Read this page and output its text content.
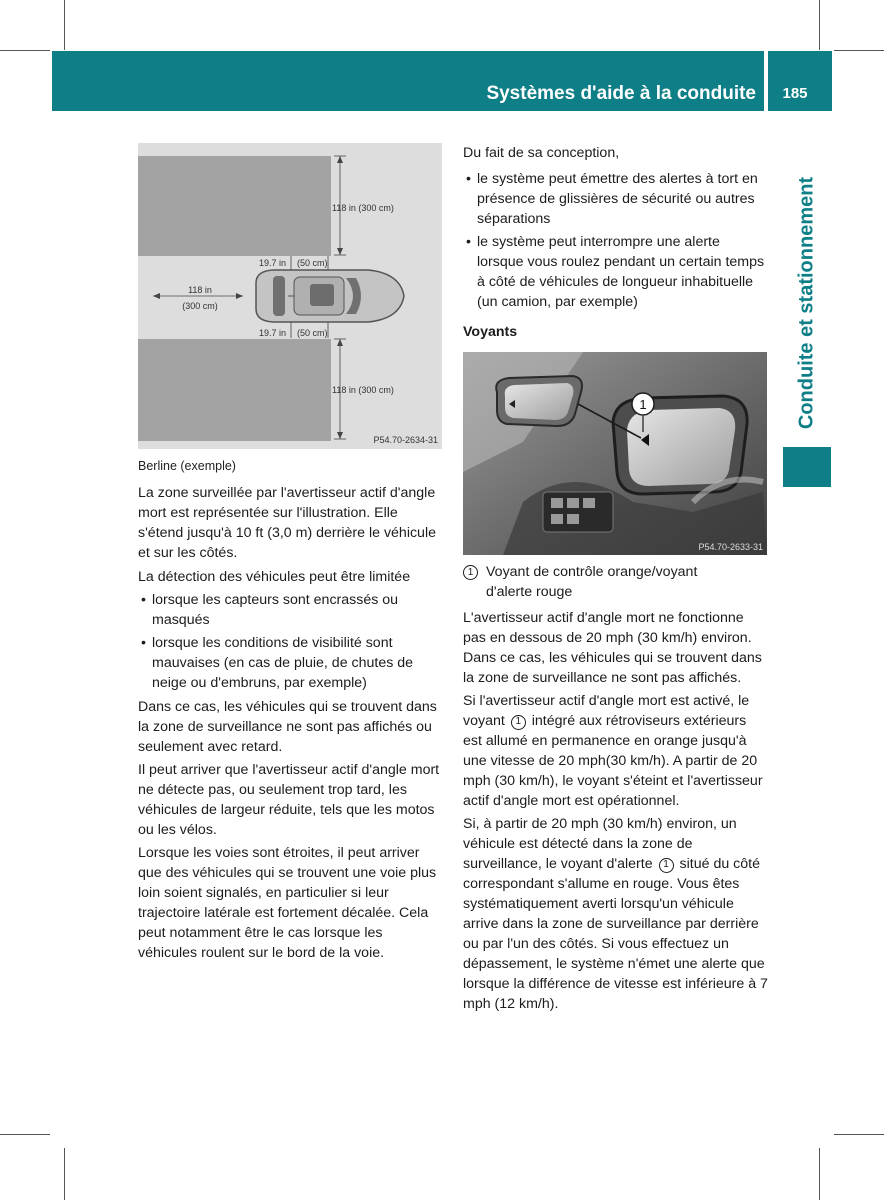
Systèmes d'aide à la conduite	185
Conduite et stationnement
118 in (300 cm)
118 in (300 cm)
19.7 in (50 cm)
19.7 in (50 cm)
118 in
(300 cm)
P54.70-2634-31
Berline (exemple)
1
P54.70-2633-31

La zone surveillée par l'avertisseur actif d'angle mort est représentée sur l'illustration. Elle s'étend jusqu'à 10 ft (3,0 m) derrière le véhicule et sur les côtés.

La détection des véhicules peut être limitée

• lorsque les capteurs sont encrassés ou masqués
• lorsque les conditions de visibilité sont mauvaises (en cas de pluie, de chutes de neige ou d'embruns, par exemple)

Dans ce cas, les véhicules qui se trouvent dans la zone de surveillance ne sont pas affichés ou seulement avec retard.

Il peut arriver que l'avertisseur actif d'angle mort ne détecte pas, ou seulement trop tard, les véhicules de largeur réduite, tels que les motos ou les vélos.

Lorsque les voies sont étroites, il peut arriver que des véhicules qui se trouvent une voie plus loin soient signalés, en particulier si leur trajectoire latérale est fortement décalée. Cela peut notamment être le cas lorsque les véhicules roulent sur le bord de la voie.

Du fait de sa conception,

• le système peut émettre des alertes à tort en présence de glissières de sécurité ou autres séparations
• le système peut interrompre une alerte lorsque vous roulez pendant un certain temps à côté de véhicules de longueur inhabituelle (un camion, par exemple)
Voyants
1 Voyant de contrôle orange/voyant
d'alerte rouge

L'avertisseur actif d'angle mort ne fonctionne pas en dessous de 20 mph (30 km/h) environ. Dans ce cas, les véhicules qui se trouvent dans la zone de surveillance ne sont pas affichés.

Si l'avertisseur actif d'angle mort est activé, le voyant 1 intégré aux rétroviseurs extérieurs est allumé en permanence en orange jusqu'à une vitesse de 20 mph(30 km/h). A partir de 20 mph (30 km/h), le voyant s'éteint et l'avertisseur actif d'angle mort est opérationnel.

Si, à partir de 20 mph (30 km/h) environ, un véhicule est détecté dans la zone de surveillance, le voyant d'alerte 1 situé du côté correspondant s'allume en rouge. Vous êtes systématiquement averti lorsqu'un véhicule arrive dans la zone de surveillance par derrière ou par l'un des côtés. Si vous effectuez un dépassement, le système n'émet une alerte que lorsque la différence de vitesse est inférieure à 7 mph (12 km/h).
